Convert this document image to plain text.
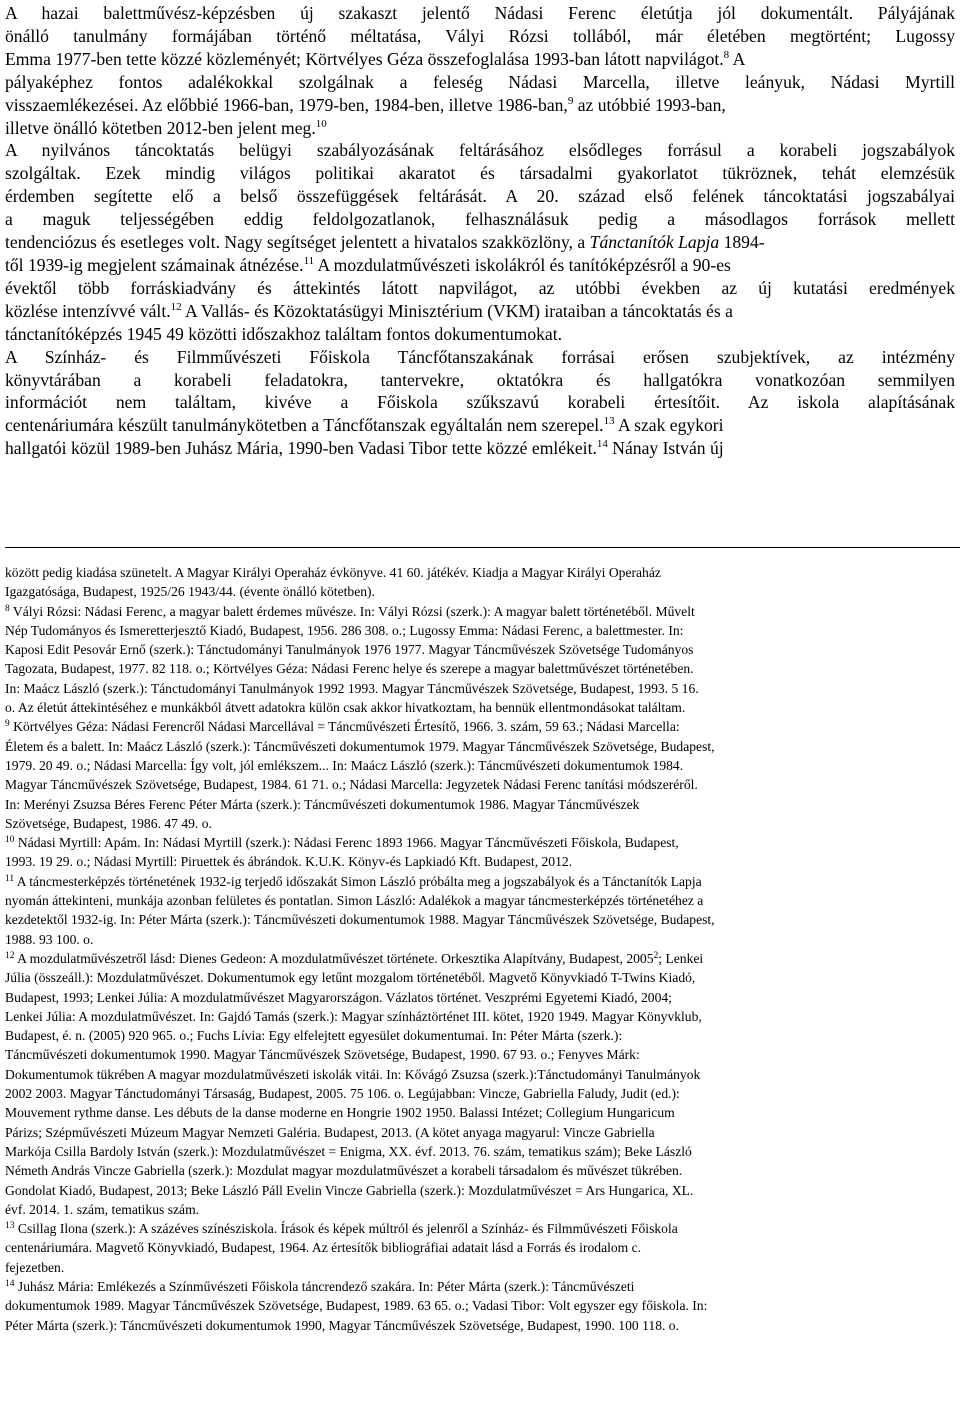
A hazai balettművész-képzésben új szakaszt jelentő Nádasi Ferenc életútja jól dokumentált. Pályájának
önálló tanulmány formájában történő méltatása, Vályi Rózsi tollából, már életében megtörtént; Lugossy
Emma 1977-ben tette közzé közleményét; Körtvélyes Géza összefoglalása 1993-ban látott napvilágot.$^8$ A
pályaképhez fontos adalékokkal szolgálnak a feleség Nádasi Marcella, illetve leányuk, Nádasi Myrtill
visszaemlékezései. Az előbbié 1966-ban, 1979-ben, 1984-ben, illetve 1986-ban,$^9$ az utóbbié 1993-ban,
illetve önálló kötetben 2012-ben jelent meg.$^{10}$

A nyilvános táncoktatás belügyi szabályozásának feltárásához elsődleges forrásul a korabeli jogszabályok
szolgáltak. Ezek mindig világos politikai akaratot és társadalmi gyakorlatot tükröznek, tehát elemzésük
érdemben segítette elő a belső összefüggések feltárását. A 20. század első felének táncoktatási jogszabályai
a maguk teljességében eddig feldolgozatlanok, felhasználásuk pedig a másodlagos források mellett
tendenciózus és esetleges volt. Nagy segítséget jelentett a hivatalos szakközlöny, a Tánctanítók Lapja 1894-
től 1939-ig megjelent számainak átnézése.$^{11}$ A mozdulatművészeti iskolákról és tanítóképzésről a 90-es
évektől több forráskiadvány és áttekintés látott napvilágot, az utóbbi években az új kutatási eredmények
közlése intenzívvé vált.$^{12}$ A Vallás- és Közoktatásügyi Minisztérium (VKM) irataiban a táncoktatás és a
tánctanítóképzés 1945 49 közötti időszakhoz találtam fontos dokumentumokat.

A Színház- és Filmművészeti Főiskola Táncfőtanszakának forrásai erősen szubjektívek, az intézmény
könyvtárában a korabeli feladatokra, tantervekre, oktatókra és hallgatókra vonatkozóan semmilyen
információt nem találtam, kivéve a Főiskola szűkszavú korabeli értesítőit. Az iskola alapításának
centenáriumára készült tanulmánykötetben a Táncfőtanszak egyáltalán nem szerepel.$^{13}$ A szak egykori
hallgatói közül 1989-ben Juhász Mária, 1990-ben Vadasi Tibor tette közzé emlékeit.$^{14}$ Nánay István új

között pedig kiadása szünetelt. A Magyar Királyi Operaház évkönyve. 41 60. játékév. Kiadja a Magyar Királyi Operaház
Igazgatósága, Budapest, 1925/26 1943/44. (évente önálló kötetben).
$^8$ Vályi Rózsi: Nádasi Ferenc, a magyar balett érdemes művésze. In: Vályi Rózsi (szerk.): A magyar balett történetéből. Művelt
Nép Tudományos és Ismeretterjesztő Kiadó, Budapest, 1956. 286 308. o.; Lugossy Emma: Nádasi Ferenc, a balettmester. In:
Kaposi Edit Pesovár Ernő (szerk.): Tánctudományi Tanulmányok 1976 1977. Magyar Táncművészek Szövetsége Tudományos
Tagozata, Budapest, 1977. 82 118. o.; Körtvélyes Géza: Nádasi Ferenc helye és szerepe a magyar balettművészet történetében.
In: Maácz László (szerk.): Tánctudományi Tanulmányok 1992 1993. Magyar Táncművészek Szövetsége, Budapest, 1993. 5 16.
o. Az életút áttekintéséhez e munkákból átvett adatokra külön csak akkor hivatkoztam, ha bennük ellentmondásokat találtam.
$^9$ Körtvélyes Géza: Nádasi Ferencről Nádasi Marcellával = Táncművészeti Értesítő, 1966. 3. szám, 59 63.; Nádasi Marcella:
Életem és a balett. In: Maácz László (szerk.): Táncművészeti dokumentumok 1979. Magyar Táncművészek Szövetsége, Budapest,
1979. 20 49. o.; Nádasi Marcella: Így volt, jól emlékszem... In: Maácz László (szerk.): Táncművészeti dokumentumok 1984.
Magyar Táncművészek Szövetsége, Budapest, 1984. 61 71. o.; Nádasi Marcella: Jegyzetek Nádasi Ferenc tanítási módszeréről.
In: Merényi Zsuzsa Béres Ferenc Péter Márta (szerk.): Táncművészeti dokumentumok 1986. Magyar Táncművészek
Szövetsége, Budapest, 1986. 47 49. o.
$^{10}$ Nádasi Myrtill: Apám. In: Nádasi Myrtill (szerk.): Nádasi Ferenc 1893 1966. Magyar Táncművészeti Főiskola, Budapest,
1993. 19 29. o.; Nádasi Myrtill: Piruettek és ábrándok. K.U.K. Könyv-és Lapkiadó Kft. Budapest, 2012.
$^{11}$ A táncmesterképzés történetének 1932-ig terjedő időszakát Simon László próbálta meg a jogszabályok és a Tánctanítók Lapja
nyomán áttekinteni, munkája azonban felületes és pontatlan. Simon László: Adalékok a magyar táncmesterképzés történetéhez a
kezdetektől 1932-ig. In: Péter Márta (szerk.): Táncművészeti dokumentumok 1988. Magyar Táncművészek Szövetsége, Budapest,
1988. 93 100. o.
$^{12}$ A mozdulatművészetről lásd: Dienes Gedeon: A mozdulatművészet története. Orkesztika Alapítvány, Budapest, 2005$^2$; Lenkei
Júlia (összeáll.): Mozdulatművészet. Dokumentumok egy letűnt mozgalom történetéből. Magvető Könyvkiadó T-Twins Kiadó,
Budapest, 1993; Lenkei Júlia: A mozdulatművészet Magyarországon. Vázlatos történet. Veszprémi Egyetemi Kiadó, 2004;
Lenkei Júlia: A mozdulatművészet. In: Gajdó Tamás (szerk.): Magyar színháztörténet III. kötet, 1920 1949. Magyar Könyvklub,
Budapest, é. n. (2005) 920 965. o.; Fuchs Lívia: Egy elfelejtett egyesület dokumentumai. In: Péter Márta (szerk.):
Táncművészeti dokumentumok 1990. Magyar Táncművészek Szövetsége, Budapest, 1990. 67 93. o.; Fenyves Márk:
Dokumentumok tükrében A magyar mozdulatművészeti iskolák vitái. In: Kővágó Zsuzsa (szerk.):Tánctudományi Tanulmányok
2002 2003. Magyar Tánctudományi Társaság, Budapest, 2005. 75 106. o. Legújabban: Vincze, Gabriella Faludy, Judit (ed.):
Mouvement rythme danse. Les débuts de la danse moderne en Hongrie 1902 1950. Balassi Intézet; Collegium Hungaricum
Párizs; Szépművészeti Múzeum Magyar Nemzeti Galéria. Budapest, 2013. (A kötet anyaga magyarul: Vincze Gabriella
Markója Csilla Bardoly István (szerk.): Mozdulatművészet = Enigma, XX. évf. 2013. 76. szám, tematikus szám); Beke László
Németh András Vincze Gabriella (szerk.): Mozdulat magyar mozdulatművészet a korabeli társadalom és művészet tükrében.
Gondolat Kiadó, Budapest, 2013; Beke László Páll Evelin Vincze Gabriella (szerk.): Mozdulatművészet = Ars Hungarica, XL.
évf. 2014. 1. szám, tematikus szám.
$^{13}$ Csillag Ilona (szerk.): A százéves színésziskola. Írások és képek múltról és jelenről a Színház- és Filmművészeti Főiskola
centenáriumára. Magvető Könyvkiadó, Budapest, 1964. Az értesítők bibliográfiai adatait lásd a Forrás és irodalom c.
fejezetben.
$^{14}$ Juhász Mária: Emlékezés a Színművészeti Főiskola táncrendező szakára. In: Péter Márta (szerk.): Táncművészeti
dokumentumok 1989. Magyar Táncművészek Szövetsége, Budapest, 1989. 63 65. o.; Vadasi Tibor: Volt egyszer egy főiskola. In:
Péter Márta (szerk.): Táncművészeti dokumentumok 1990, Magyar Táncművészek Szövetsége, Budapest, 1990. 100 118. o.
